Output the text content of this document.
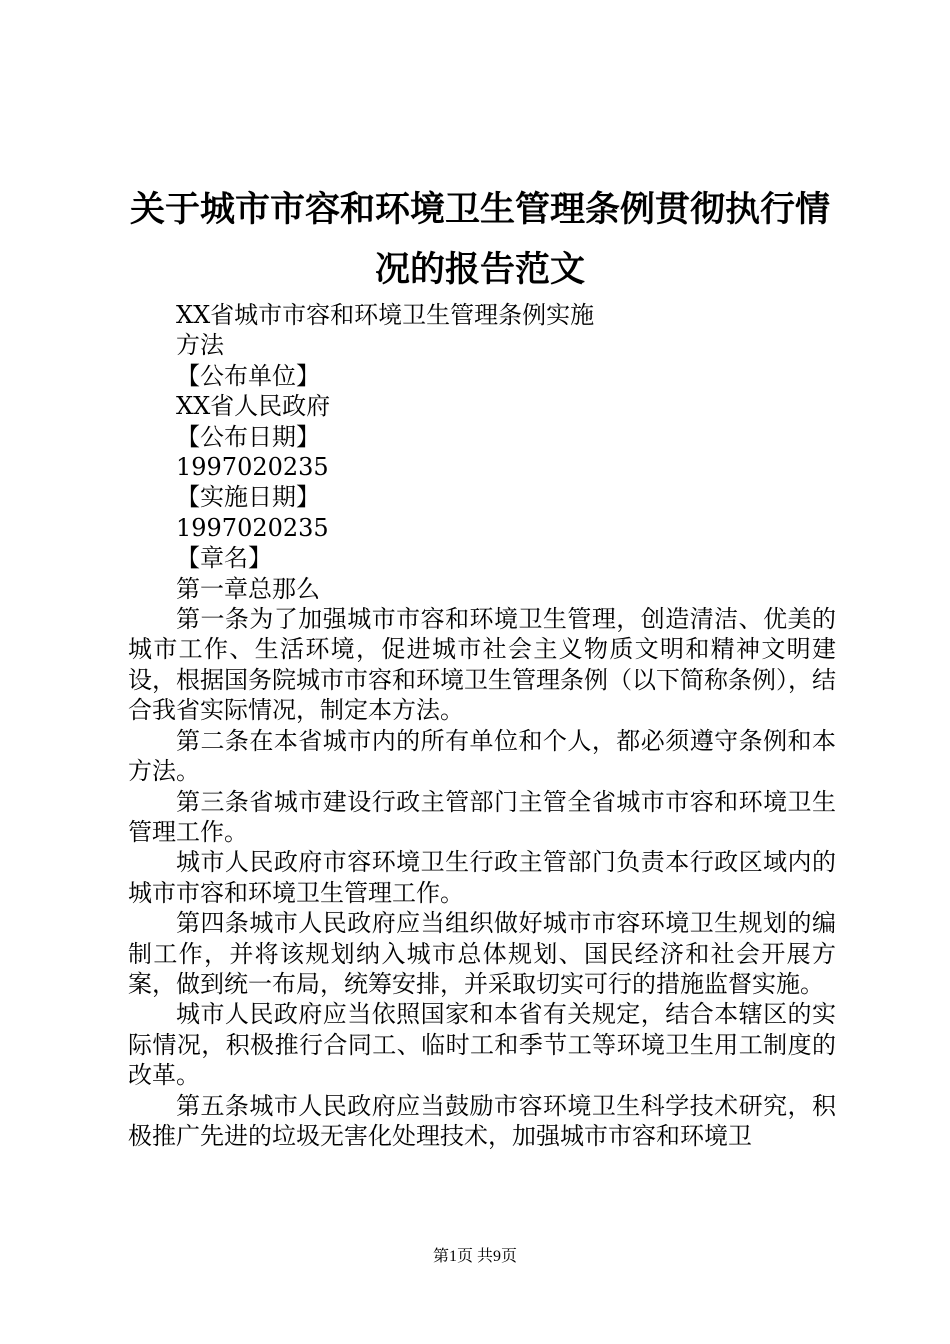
关于城市市容和环境卫生管理条例贯彻执行情
况的报告范文

XX省城市市容和环境卫生管理条例实施

方法

【公布单位】

XX省人民政府

【公布日期】

1997020235

【实施日期】

1997020235

【章名】

第一章总那么

第一条为了加强城市市容和环境卫生管理，创造清洁、优美的城市工作、生活环境，促进城市社会主义物质文明和精神文明建设，根据国务院城市市容和环境卫生管理条例（以下简称条例），结合我省实际情况，制定本方法。

第二条在本省城市内的所有单位和个人，都必须遵守条例和本方法。

第三条省城市建设行政主管部门主管全省城市市容和环境卫生管理工作。

城市人民政府市容环境卫生行政主管部门负责本行政区域内的城市市容和环境卫生管理工作。

第四条城市人民政府应当组织做好城市市容环境卫生规划的编制工作，并将该规划纳入城市总体规划、国民经济和社会开展方案，做到统一布局，统筹安排，并采取切实可行的措施监督实施。

城市人民政府应当依照国家和本省有关规定，结合本辖区的实际情况，积极推行合同工、临时工和季节工等环境卫生用工制度的改革。

第五条城市人民政府应当鼓励市容环境卫生科学技术研究，积极推广先进的垃圾无害化处理技术，加强城市市容和环境卫

第1页 共9页
